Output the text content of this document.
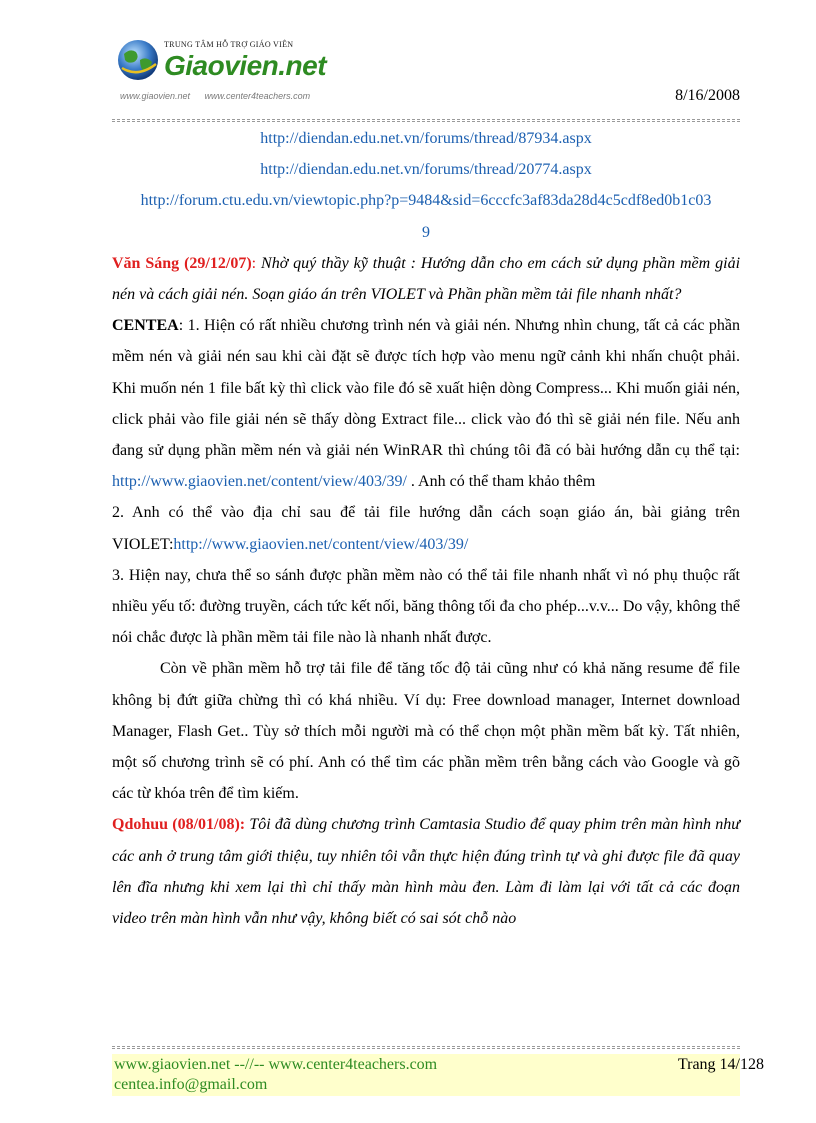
TRUNG TÂM HỖ TRỢ GIÁO VIÊN
Giaovien.net
www.giaovien.net www.center4teachers.com	8/16/2008

http://diendan.edu.net.vn/forums/thread/87934.aspx

http://diendan.edu.net.vn/forums/thread/20774.aspx

http://forum.ctu.edu.vn/viewtopic.php?p=9484&sid=6cccfc3af83da28d4c5cdf8ed0b1c03

9

Văn Sáng (29/12/07): Nhờ quý thầy kỹ thuật : Hướng dẫn cho em cách sử dụng phần mềm giải nén và cách giải nén. Soạn giáo án trên VIOLET và Phần phần mềm tải file nhanh nhất?

CENTEA: 1. Hiện có rất nhiều chương trình nén và giải nén. Nhưng nhìn chung, tất cả các phần mềm nén và giải nén sau khi cài đặt sẽ được tích hợp vào menu ngữ cảnh khi nhấn chuột phải. Khi muốn nén 1 file bất kỳ thì click vào file đó sẽ xuất hiện dòng Compress... Khi muốn giải nén, click phải vào file giải nén sẽ thấy dòng Extract file... click vào đó thì sẽ giải nén file. Nếu anh đang sử dụng phần mềm nén và giải nén WinRAR thì chúng tôi đã có bài hướng dẫn cụ thể tại: http://www.giaovien.net/content/view/403/39/ . Anh có thể tham khảo thêm

2. Anh có thể vào địa chỉ sau để tải file hướng dẫn cách soạn giáo án, bài giảng trên VIOLET:http://www.giaovien.net/content/view/403/39/

3. Hiện nay, chưa thể so sánh được phần mềm nào có thể tải file nhanh nhất vì nó phụ thuộc rất nhiều yếu tố: đường truyền, cách tức kết nối, băng thông tối đa cho phép...v.v... Do vậy, không thể nói chắc được là phần mềm tải file nào là nhanh nhất được.

Còn về phần mềm hỗ trợ tải file để tăng tốc độ tải cũng như có khả năng resume để file không bị đứt giữa chừng thì có khá nhiều. Ví dụ: Free download manager, Internet download Manager, Flash Get.. Tùy sở thích mỗi người mà có thể chọn một phần mềm bất kỳ. Tất nhiên, một số chương trình sẽ có phí. Anh có thể tìm các phần mềm trên bằng cách vào Google và gõ các từ khóa trên để tìm kiếm.

Qdohuu (08/01/08): Tôi đã dùng chương trình Camtasia Studio để quay phim trên màn hình như các anh ở trung tâm giới thiệu, tuy nhiên tôi vẫn thực hiện đúng trình tự và ghi được file đã quay lên đĩa nhưng khi xem lại thì chỉ thấy màn hình màu đen. Làm đi làm lại với tất cả các đoạn video trên màn hình vẫn như vậy, không biết có sai sót chỗ nào

www.giaovien.net --//-- www.center4teachers.com
centea.info@gmail.com
Trang 14/128
